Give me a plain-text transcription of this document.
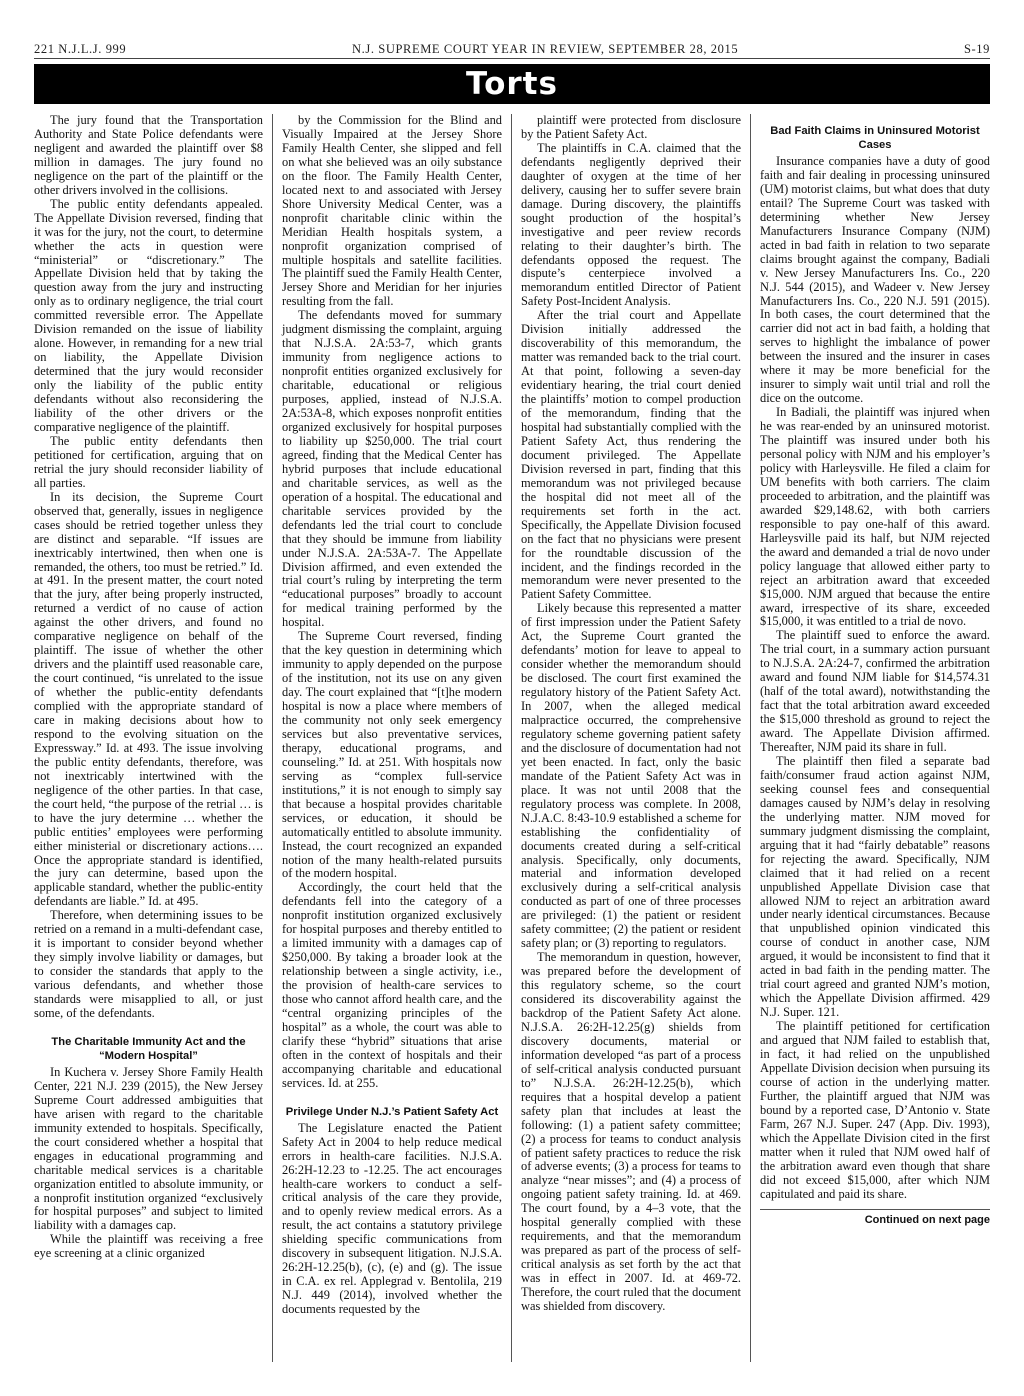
221 N.J.L.J. 999	N.J. SUPREME COURT YEAR IN REVIEW, SEPTEMBER 28, 2015	S-19
Torts

The jury found that the Transportation Authority and State Police defendants were negligent and awarded the plaintiff over $8 million in damages. The jury found no negligence on the part of the plaintiff or the other drivers involved in the collisions.

The public entity defendants appealed. The Appellate Division reversed, finding that it was for the jury, not the court, to determine whether the acts in question were “ministerial” or “discretionary.” The Appellate Division held that by taking the question away from the jury and instructing only as to ordinary negligence, the trial court committed reversible error. The Appellate Division remanded on the issue of liability alone. However, in remanding for a new trial on liability, the Appellate Division determined that the jury would reconsider only the liability of the public entity defendants without also reconsidering the liability of the other drivers or the comparative negligence of the plaintiff.

The public entity defendants then petitioned for certification, arguing that on retrial the jury should reconsider liability of all parties.

In its decision, the Supreme Court observed that, generally, issues in negligence cases should be retried together unless they are distinct and separable. “If issues are inextricably intertwined, then when one is remanded, the others, too must be retried.” Id. at 491. In the present matter, the court noted that the jury, after being properly instructed, returned a verdict of no cause of action against the other drivers, and found no comparative negligence on behalf of the plaintiff. The issue of whether the other drivers and the plaintiff used reasonable care, the court continued, “is unrelated to the issue of whether the public-entity defendants complied with the appropriate standard of care in making decisions about how to respond to the evolving situation on the Expressway.” Id. at 493. The issue involving the public entity defendants, therefore, was not inextricably intertwined with the negligence of the other parties. In that case, the court held, “the purpose of the retrial … is to have the jury determine … whether the public entities’ employees were performing either ministerial or discretionary actions…. Once the appropriate standard is identified, the jury can determine, based upon the applicable standard, whether the public-entity defendants are liable.” Id. at 495.

Therefore, when determining issues to be retried on a remand in a multi-defendant case, it is important to consider beyond whether they simply involve liability or damages, but to consider the standards that apply to the various defendants, and whether those standards were misapplied to all, or just some, of the defendants.

The Charitable Immunity Act and the “Modern Hospital”

In Kuchera v. Jersey Shore Family Health Center, 221 N.J. 239 (2015), the New Jersey Supreme Court addressed ambiguities that have arisen with regard to the charitable immunity extended to hospitals. Specifically, the court considered whether a hospital that engages in educational programming and charitable medical services is a charitable organization entitled to absolute immunity, or a nonprofit institution organized “exclusively for hospital purposes” and subject to limited liability with a damages cap.

While the plaintiff was receiving a free eye screening at a clinic organized

by the Commission for the Blind and Visually Impaired at the Jersey Shore Family Health Center, she slipped and fell on what she believed was an oily substance on the floor. The Family Health Center, located next to and associated with Jersey Shore University Medical Center, was a nonprofit charitable clinic within the Meridian Health hospitals system, a nonprofit organization comprised of multiple hospitals and satellite facilities. The plaintiff sued the Family Health Center, Jersey Shore and Meridian for her injuries resulting from the fall.

The defendants moved for summary judgment dismissing the complaint, arguing that N.J.S.A. 2A:53-7, which grants immunity from negligence actions to nonprofit entities organized exclusively for charitable, educational or religious purposes, applied, instead of N.J.S.A. 2A:53A-8, which exposes nonprofit entities organized exclusively for hospital purposes to liability up $250,000. The trial court agreed, finding that the Medical Center has hybrid purposes that include educational and charitable services, as well as the operation of a hospital. The educational and charitable services provided by the defendants led the trial court to conclude that they should be immune from liability under N.J.S.A. 2A:53A-7. The Appellate Division affirmed, and even extended the trial court’s ruling by interpreting the term “educational purposes” broadly to account for medical training performed by the hospital.

The Supreme Court reversed, finding that the key question in determining which immunity to apply depended on the purpose of the institution, not its use on any given day. The court explained that “[t]he modern hospital is now a place where members of the community not only seek emergency services but also preventative services, therapy, educational programs, and counseling.” Id. at 251. With hospitals now serving as “complex full-service institutions,” it is not enough to simply say that because a hospital provides charitable services, or education, it should be automatically entitled to absolute immunity. Instead, the court recognized an expanded notion of the many health-related pursuits of the modern hospital.

Accordingly, the court held that the defendants fell into the category of a nonprofit institution organized exclusively for hospital purposes and thereby entitled to a limited immunity with a damages cap of $250,000. By taking a broader look at the relationship between a single activity, i.e., the provision of health-care services to those who cannot afford health care, and the “central organizing principles of the hospital” as a whole, the court was able to clarify these “hybrid” situations that arise often in the context of hospitals and their accompanying charitable and educational services. Id. at 255.

Privilege Under N.J.’s Patient Safety Act

The Legislature enacted the Patient Safety Act in 2004 to help reduce medical errors in health-care facilities. N.J.S.A. 26:2H-12.23 to -12.25. The act encourages health-care workers to conduct a self-critical analysis of the care they provide, and to openly review medical errors. As a result, the act contains a statutory privilege shielding specific communications from discovery in subsequent litigation. N.J.S.A. 26:2H-12.25(b), (c), (e) and (g). The issue in C.A. ex rel. Applegrad v. Bentolila, 219 N.J. 449 (2014), involved whether the documents requested by the

plaintiff were protected from disclosure by the Patient Safety Act.

The plaintiffs in C.A. claimed that the defendants negligently deprived their daughter of oxygen at the time of her delivery, causing her to suffer severe brain damage. During discovery, the plaintiffs sought production of the hospital’s investigative and peer review records relating to their daughter’s birth. The defendants opposed the request. The dispute’s centerpiece involved a memorandum entitled Director of Patient Safety Post-Incident Analysis.

After the trial court and Appellate Division initially addressed the discoverability of this memorandum, the matter was remanded back to the trial court. At that point, following a seven-day evidentiary hearing, the trial court denied the plaintiffs’ motion to compel production of the memorandum, finding that the hospital had substantially complied with the Patient Safety Act, thus rendering the document privileged. The Appellate Division reversed in part, finding that this memorandum was not privileged because the hospital did not meet all of the requirements set forth in the act. Specifically, the Appellate Division focused on the fact that no physicians were present for the roundtable discussion of the incident, and the findings recorded in the memorandum were never presented to the Patient Safety Committee.

Likely because this represented a matter of first impression under the Patient Safety Act, the Supreme Court granted the defendants’ motion for leave to appeal to consider whether the memorandum should be disclosed. The court first examined the regulatory history of the Patient Safety Act. In 2007, when the alleged medical malpractice occurred, the comprehensive regulatory scheme governing patient safety and the disclosure of documentation had not yet been enacted. In fact, only the basic mandate of the Patient Safety Act was in place. It was not until 2008 that the regulatory process was complete. In 2008, N.J.A.C. 8:43-10.9 established a scheme for establishing the confidentiality of documents created during a self-critical analysis. Specifically, only documents, material and information developed exclusively during a self-critical analysis conducted as part of one of three processes are privileged: (1) the patient or resident safety committee; (2) the patient or resident safety plan; or (3) reporting to regulators.

The memorandum in question, however, was prepared before the development of this regulatory scheme, so the court considered its discoverability against the backdrop of the Patient Safety Act alone. N.J.S.A. 26:2H-12.25(g) shields from discovery documents, material or information developed “as part of a process of self-critical analysis conducted pursuant to” N.J.S.A. 26:2H-12.25(b), which requires that a hospital develop a patient safety plan that includes at least the following: (1) a patient safety committee; (2) a process for teams to conduct analysis of patient safety practices to reduce the risk of adverse events; (3) a process for teams to analyze “near misses”; and (4) a process of ongoing patient safety training. Id. at 469. The court found, by a 4–3 vote, that the hospital generally complied with these requirements, and that the memorandum was prepared as part of the process of self-critical analysis as set forth by the act that was in effect in 2007. Id. at 469-72. Therefore, the court ruled that the document was shielded from discovery.

Bad Faith Claims in Uninsured Motorist Cases

Insurance companies have a duty of good faith and fair dealing in processing uninsured (UM) motorist claims, but what does that duty entail? The Supreme Court was tasked with determining whether New Jersey Manufacturers Insurance Company (NJM) acted in bad faith in relation to two separate claims brought against the company, Badiali v. New Jersey Manufacturers Ins. Co., 220 N.J. 544 (2015), and Wadeer v. New Jersey Manufacturers Ins. Co., 220 N.J. 591 (2015). In both cases, the court determined that the carrier did not act in bad faith, a holding that serves to highlight the imbalance of power between the insured and the insurer in cases where it may be more beneficial for the insurer to simply wait until trial and roll the dice on the outcome.

In Badiali, the plaintiff was injured when he was rear-ended by an uninsured motorist. The plaintiff was insured under both his personal policy with NJM and his employer’s policy with Harleysville. He filed a claim for UM benefits with both carriers. The claim proceeded to arbitration, and the plaintiff was awarded $29,148.62, with both carriers responsible to pay one-half of this award. Harleysville paid its half, but NJM rejected the award and demanded a trial de novo under policy language that allowed either party to reject an arbitration award that exceeded $15,000. NJM argued that because the entire award, irrespective of its share, exceeded $15,000, it was entitled to a trial de novo.

The plaintiff sued to enforce the award. The trial court, in a summary action pursuant to N.J.S.A. 2A:24-7, confirmed the arbitration award and found NJM liable for $14,574.31 (half of the total award), notwithstanding the fact that the total arbitration award exceeded the $15,000 threshold as ground to reject the award. The Appellate Division affirmed. Thereafter, NJM paid its share in full.

The plaintiff then filed a separate bad faith/consumer fraud action against NJM, seeking counsel fees and consequential damages caused by NJM’s delay in resolving the underlying matter. NJM moved for summary judgment dismissing the complaint, arguing that it had “fairly debatable” reasons for rejecting the award. Specifically, NJM claimed that it had relied on a recent unpublished Appellate Division case that allowed NJM to reject an arbitration award under nearly identical circumstances. Because that unpublished opinion vindicated this course of conduct in another case, NJM argued, it would be inconsistent to find that it acted in bad faith in the pending matter. The trial court agreed and granted NJM’s motion, which the Appellate Division affirmed. 429 N.J. Super. 121.

The plaintiff petitioned for certification and argued that NJM failed to establish that, in fact, it had relied on the unpublished Appellate Division decision when pursuing its course of action in the underlying matter. Further, the plaintiff argued that NJM was bound by a reported case, D’Antonio v. State Farm, 267 N.J. Super. 247 (App. Div. 1993), which the Appellate Division cited in the first matter when it ruled that NJM owed half of the arbitration award even though that share did not exceed $15,000, after which NJM capitulated and paid its share.

Continued on next page
